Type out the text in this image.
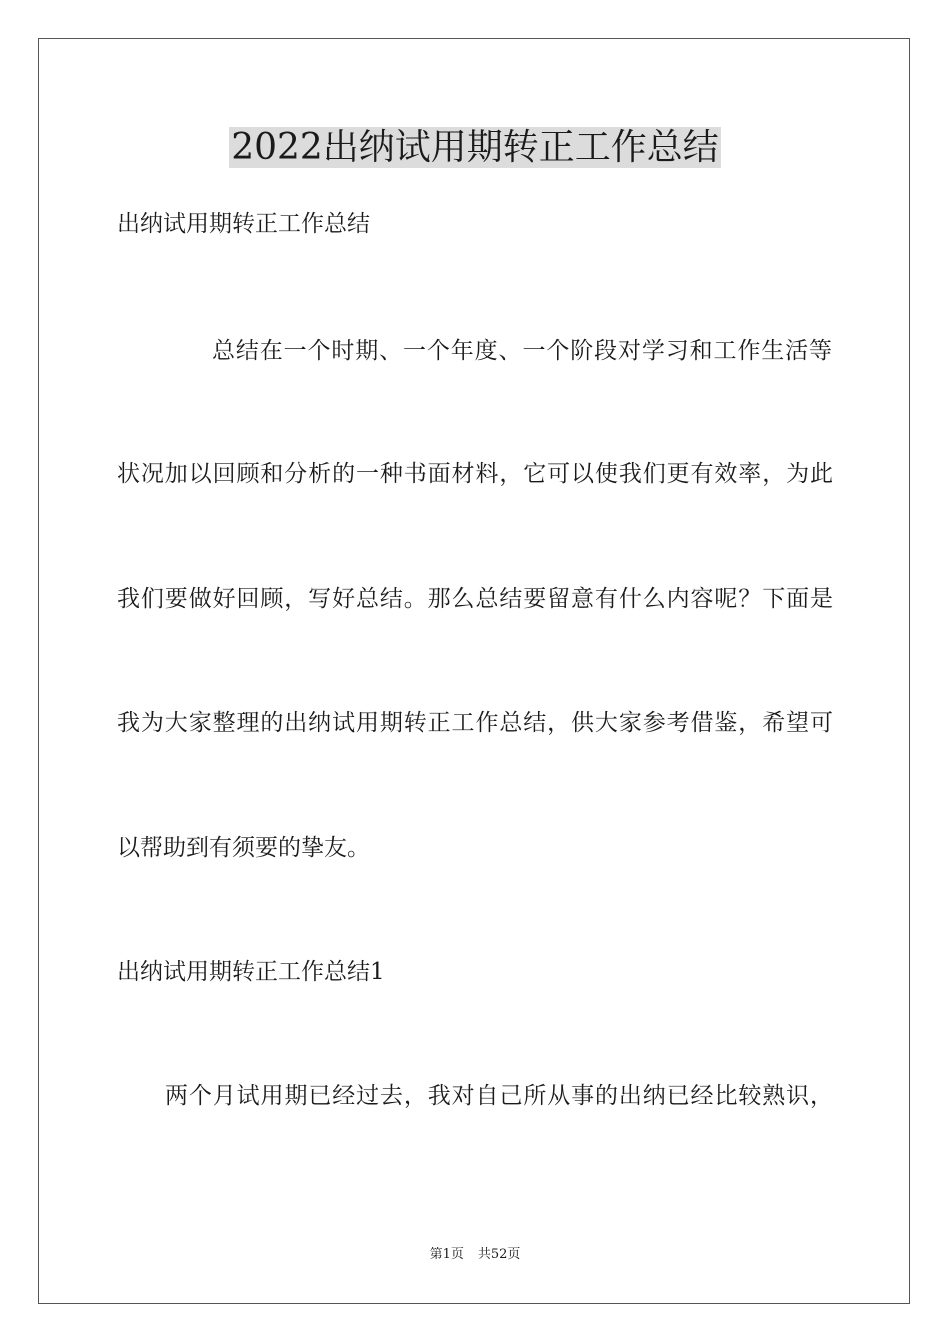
2022出纳试用期转正工作总结

出纳试用期转正工作总结

总结在一个时期、一个年度、一个阶段对学习和工作生活等

状况加以回顾和分析的一种书面材料，它可以使我们更有效率，为此

我们要做好回顾，写好总结。那么总结要留意有什么内容呢？下面是

我为大家整理的出纳试用期转正工作总结，供大家参考借鉴，希望可

以帮助到有须要的挚友。

出纳试用期转正工作总结1

两个月试用期已经过去，我对自己所从事的出纳已经比较熟识，

第1页 共52页
